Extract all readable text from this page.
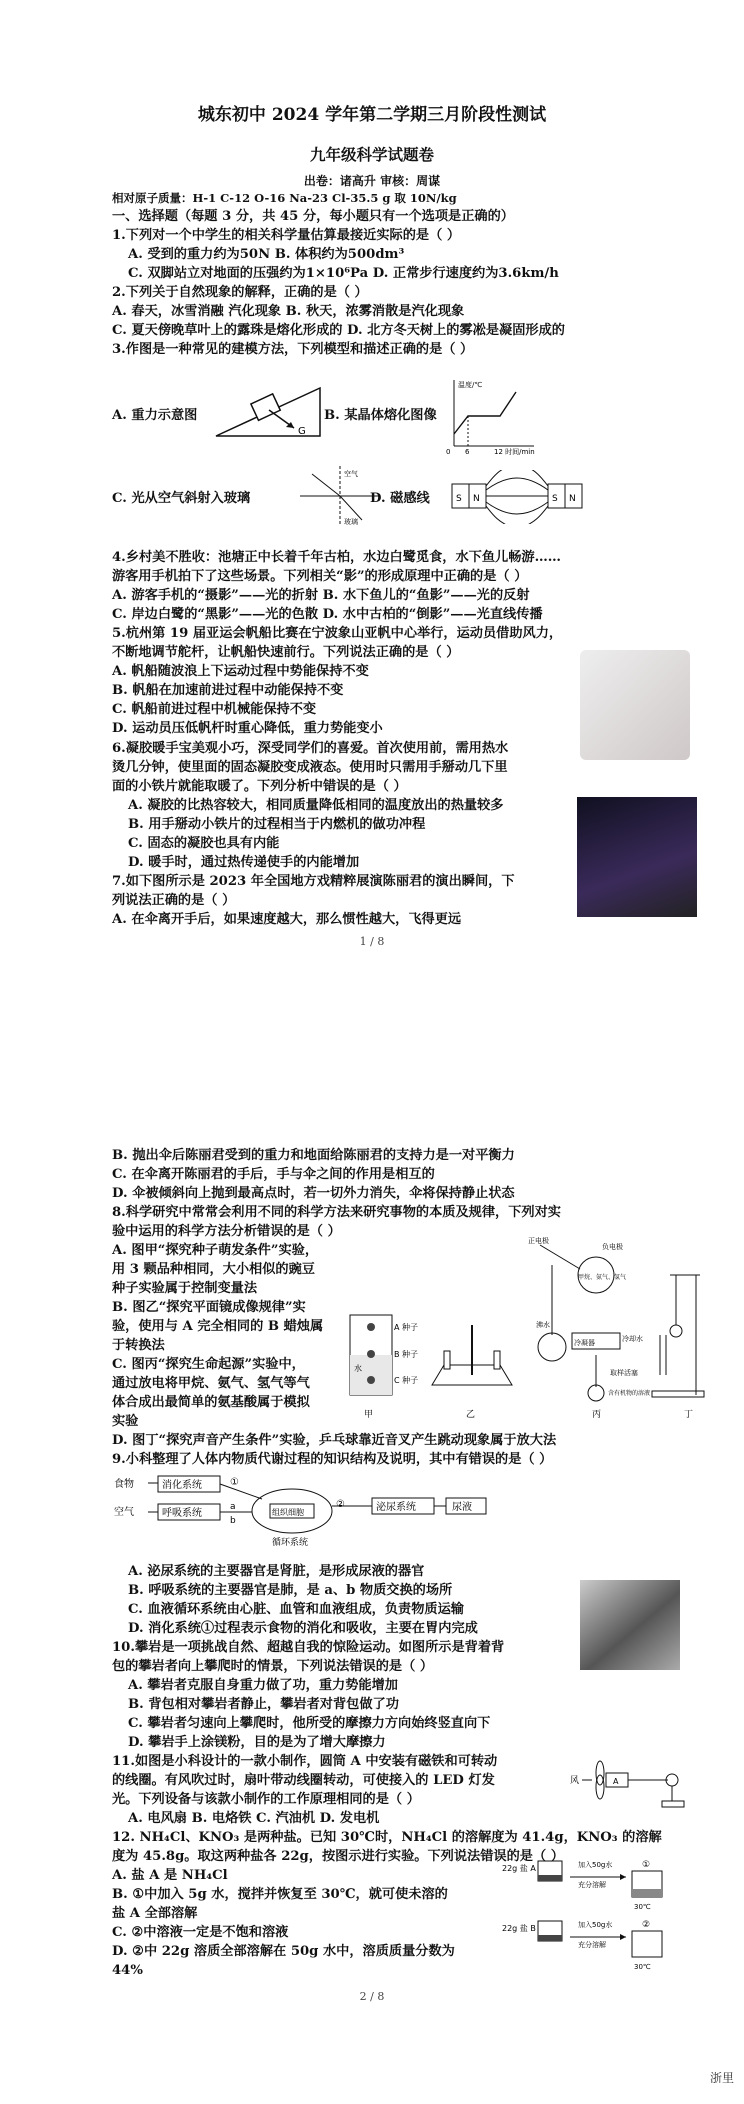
城东初中 2024 学年第二学期三月阶段性测试
九年级科学试题卷
出卷：诸高升 审核：周谋
相对原子质量：H-1 C-12 O-16 Na-23 Cl-35.5 g 取 10N/kg
一、选择题（每题 3 分，共 45 分，每小题只有一个选项是正确的）
1.下列对一个中学生的相关科学量估算最接近实际的是（ ）
A. 受到的重力约为50N B. 体积约为500dm³
C. 双脚站立对地面的压强约为1×10⁶Pa D. 正常步行速度约为3.6km/h
2.下列关于自然现象的解释，正确的是（ ）
A. 春天，冰雪消融 汽化现象 B. 秋天，浓雾消散是汽化现象
C. 夏天傍晚草叶上的露珠是熔化形成的 D. 北方冬天树上的雾凇是凝固形成的
3.作图是一种常见的建模方法，下列模型和描述正确的是（ ）
A. 重力示意图
G
B. 某晶体熔化图像
温度/℃
0 6	12 时间/min
C. 光从空气斜射入玻璃
空气
玻璃
D. 磁感线	S N	S N
4.乡村美不胜收：池塘正中长着千年古柏，水边白鹭觅食，水下鱼儿畅游……
游客用手机拍下了这些场景。下列相关“影”的形成原理中正确的是（ ）
A. 游客手机的“摄影”——光的折射 B. 水下鱼儿的“鱼影”——光的反射
C. 岸边白鹭的“黑影”——光的色散 D. 水中古柏的“倒影”——光直线传播
5.杭州第 19 届亚运会帆船比赛在宁波象山亚帆中心举行，运动员借助风力，
不断地调节舵杆，让帆船快速前行。下列说法正确的是（ ）
A. 帆船随波浪上下运动过程中势能保持不变
B. 帆船在加速前进过程中动能保持不变
C. 帆船前进过程中机械能保持不变
D. 运动员压低帆杆时重心降低，重力势能变小
6.凝胶暖手宝美观小巧，深受同学们的喜爱。首次使用前，需用热水
烫几分钟，使里面的固态凝胶变成液态。使用时只需用手掰动几下里
面的小铁片就能取暖了。下列分析中错误的是（ ）
A. 凝胶的比热容较大，相同质量降低相同的温度放出的热量较多
B. 用手掰动小铁片的过程相当于内燃机的做功冲程
C. 固态的凝胶也具有内能
D. 暖手时，通过热传递使手的内能增加
7.如下图所示是 2023 年全国地方戏精粹展演陈丽君的演出瞬间，下
列说法正确的是（ ）
A. 在伞离开手后，如果速度越大，那么惯性越大，飞得更远
1 / 8
B. 抛出伞后陈丽君受到的重力和地面给陈丽君的支持力是一对平衡力
C. 在伞离开陈丽君的手后，手与伞之间的作用是相互的
D. 伞被倾斜向上抛到最高点时，若一切外力消失，伞将保持静止状态
8.科学研究中常常会利用不同的科学方法来研究事物的本质及规律，下列对实
验中运用的科学方法分析错误的是（ ）
A. 图甲“探究种子萌发条件”实验，
用 3 颗品种相同，大小相似的豌豆
种子实验属于控制变量法
B. 图乙“探究平面镜成像规律”实
验，使用与 A 完全相同的 B 蜡烛属
于转换法
C. 图丙“探究生命起源”实验中，
通过放电将甲烷、氨气、氢气等气
体合成出最简单的氨基酸属于模拟
实验
A 种子
B 种子
C 种子
水
甲	乙
正电极
负电极
甲烷、氨气、氢气
冷凝器
沸水
取样活塞
含有机物的溶液
冷却水
丙	丁
D. 图丁“探究声音产生条件”实验，乒乓球靠近音叉产生跳动现象属于放大法
9.小科整理了人体内物质代谢过程的知识结构及说明，其中有错误的是（ ）
食物	消化系统	①
空气	呼吸系统
a
b
组织细胞
循环系统
②	泌尿系统	尿液
A. 泌尿系统的主要器官是肾脏，是形成尿液的器官
B. 呼吸系统的主要器官是肺，是 a、b 物质交换的场所
C. 血液循环系统由心脏、血管和血液组成，负责物质运输
D. 消化系统①过程表示食物的消化和吸收，主要在胃内完成
10.攀岩是一项挑战自然、超越自我的惊险运动。如图所示是背着背
包的攀岩者向上攀爬时的情景，下列说法错误的是（ ）
A. 攀岩者克服自身重力做了功，重力势能增加
B. 背包相对攀岩者静止，攀岩者对背包做了功
C. 攀岩者匀速向上攀爬时，他所受的摩擦力方向始终竖直向下
D. 攀岩手上涂镁粉，目的是为了增大摩擦力
11.如图是小科设计的一款小制作，圆筒 A 中安装有磁铁和可转动
的线圈。有风吹过时，扇叶带动线圈转动，可使接入的 LED 灯发
光。下列设备与该款小制作的工作原理相同的是（ ）
A. 电风扇 B. 电烙铁 C. 汽油机 D. 发电机
风	A
12. NH₄Cl、KNO₃ 是两种盐。已知 30℃时，NH₄Cl 的溶解度为 41.4g，KNO₃ 的溶解
度为 45.8g。取这两种盐各 22g，按图示进行实验。下列说法错误的是（ ）
A. 盐 A 是 NH₄Cl
B. ①中加入 5g 水，搅拌并恢复至 30℃，就可使未溶的
盐 A 全部溶解
C. ②中溶液一定是不饱和溶液
D. ②中 22g 溶质全部溶解在 50g 水中，溶质质量分数为
44%
22g 盐 A	加入50g水
充分溶解
①
30℃
22g 盐 B	加入50g水
充分溶解
②
30℃
2 / 8
浙里
